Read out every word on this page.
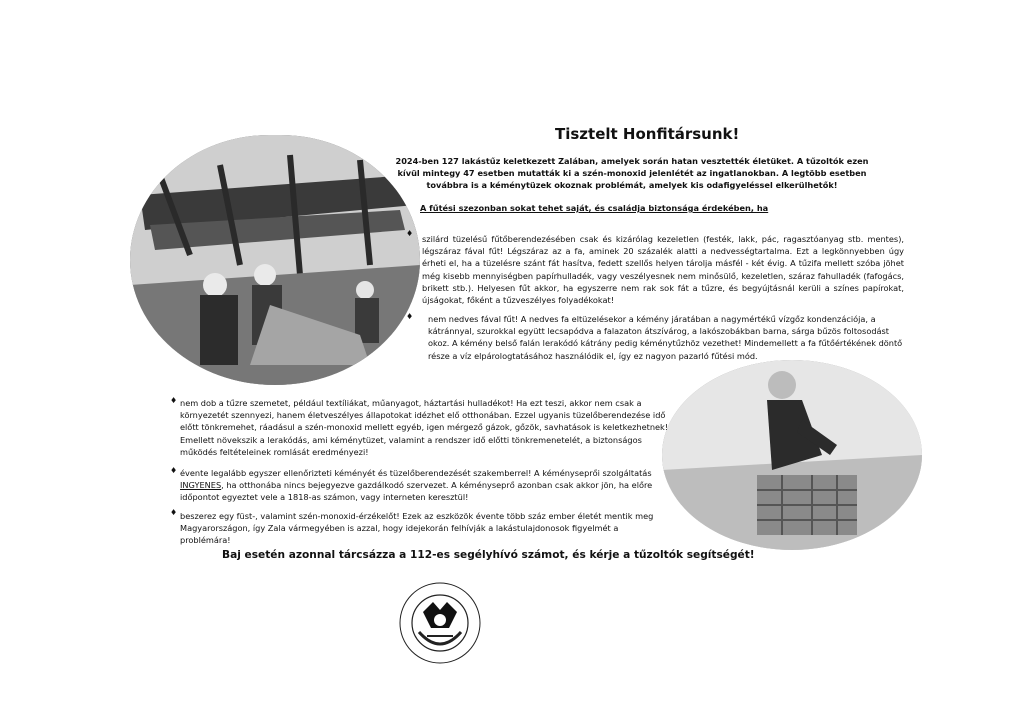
Tisztelt Honfitársunk!
2024-ben 127 lakástűz keletkezett Zalában, amelyek során hatan vesztették életüket. A tűzoltók ezen kívül mintegy 47 esetben mutatták ki a szén-monoxid jelenlétét az ingatlanokban. A legtöbb esetben továbbra is a kéménytüzek okoznak problémát, amelyek kis odafigyeléssel elkerülhetők!
A fűtési szezonban sokat tehet saját, és családja biztonsága érdekében, ha
♦
szilárd tüzelésű fűtőberendezésében csak és kizárólag kezeletlen (festék, lakk, pác, ragasztóanyag stb. mentes), légszáraz fával fűt! Légszáraz az a fa, aminek 20 százalék alatti a nedvességtartalma. Ezt a legkönnyebben úgy érheti el, ha a tüzelésre szánt fát hasítva, fedett szellős helyen tárolja másfél - két évig. A tűzifa mellett szóba jöhet még kisebb mennyiségben papírhulladék, vagy veszélyesnek nem minősülő, kezeletlen, száraz fahulladék (fafogács, brikett stb.). Helyesen fűt akkor, ha egyszerre nem rak sok fát a tűzre, és begyújtásnál kerüli a színes papírokat, újságokat, főként a tűzveszélyes folyadékokat!
♦ nem nedves fával fűt! A nedves fa eltüzelésekor a kémény járatában a nagymértékű vízgőz kondenzációja, a kátránnyal, szurokkal együtt lecsapódva a falazaton átszívárog, a lakószobákban barna, sárga bűzös foltosodást okoz. A kémény belső falán lerakódó kátrány pedig kéménytűzhöz vezethet! Mindemellett a fa fűtőértékének döntő része a víz elpárologtatásához használódik el, így ez nagyon pazarló fűtési mód.
♦ nem dob a tűzre szemetet, például textíliákat, műanyagot, háztartási hulladékot! Ha ezt teszi, akkor nem csak a környezetét szennyezi, hanem életveszélyes állapotokat idézhet elő otthonában. Ezzel ugyanis tüzelőberendezése idő előtt tönkremehet, ráadásul a szén-monoxid mellett egyéb, igen mérgező gázok, gőzök, savhatások is keletkezhetnek! Emellett növekszik a lerakódás, ami kéménytüzet, valamint a rendszer idő előtti tönkremenetelét, a biztonságos működés feltételeinek romlását eredményezi!
♦ évente legalább egyszer ellenőrizteti kéményét és tüzelőberendezését szakemberrel! A kéményseprői szolgáltatás INGYENES, ha otthonába nincs bejegyezve gazdálkodó szervezet. A kéményseprő azonban csak akkor jön, ha előre időpontot egyeztet vele a 1818-as számon, vagy interneten keresztül!
♦ beszerez egy füst-, valamint szén-monoxid-érzékelőt! Ezek az eszközök évente több száz ember életét mentik meg Magyarországon, így Zala vármegyében is azzal, hogy idejekorán felhívják a lakástulajdonosok figyelmét a problémára!
Baj esetén azonnal tárcsázza a 112-es segélyhívó számot, és kérje a tűzoltók segítségét!
